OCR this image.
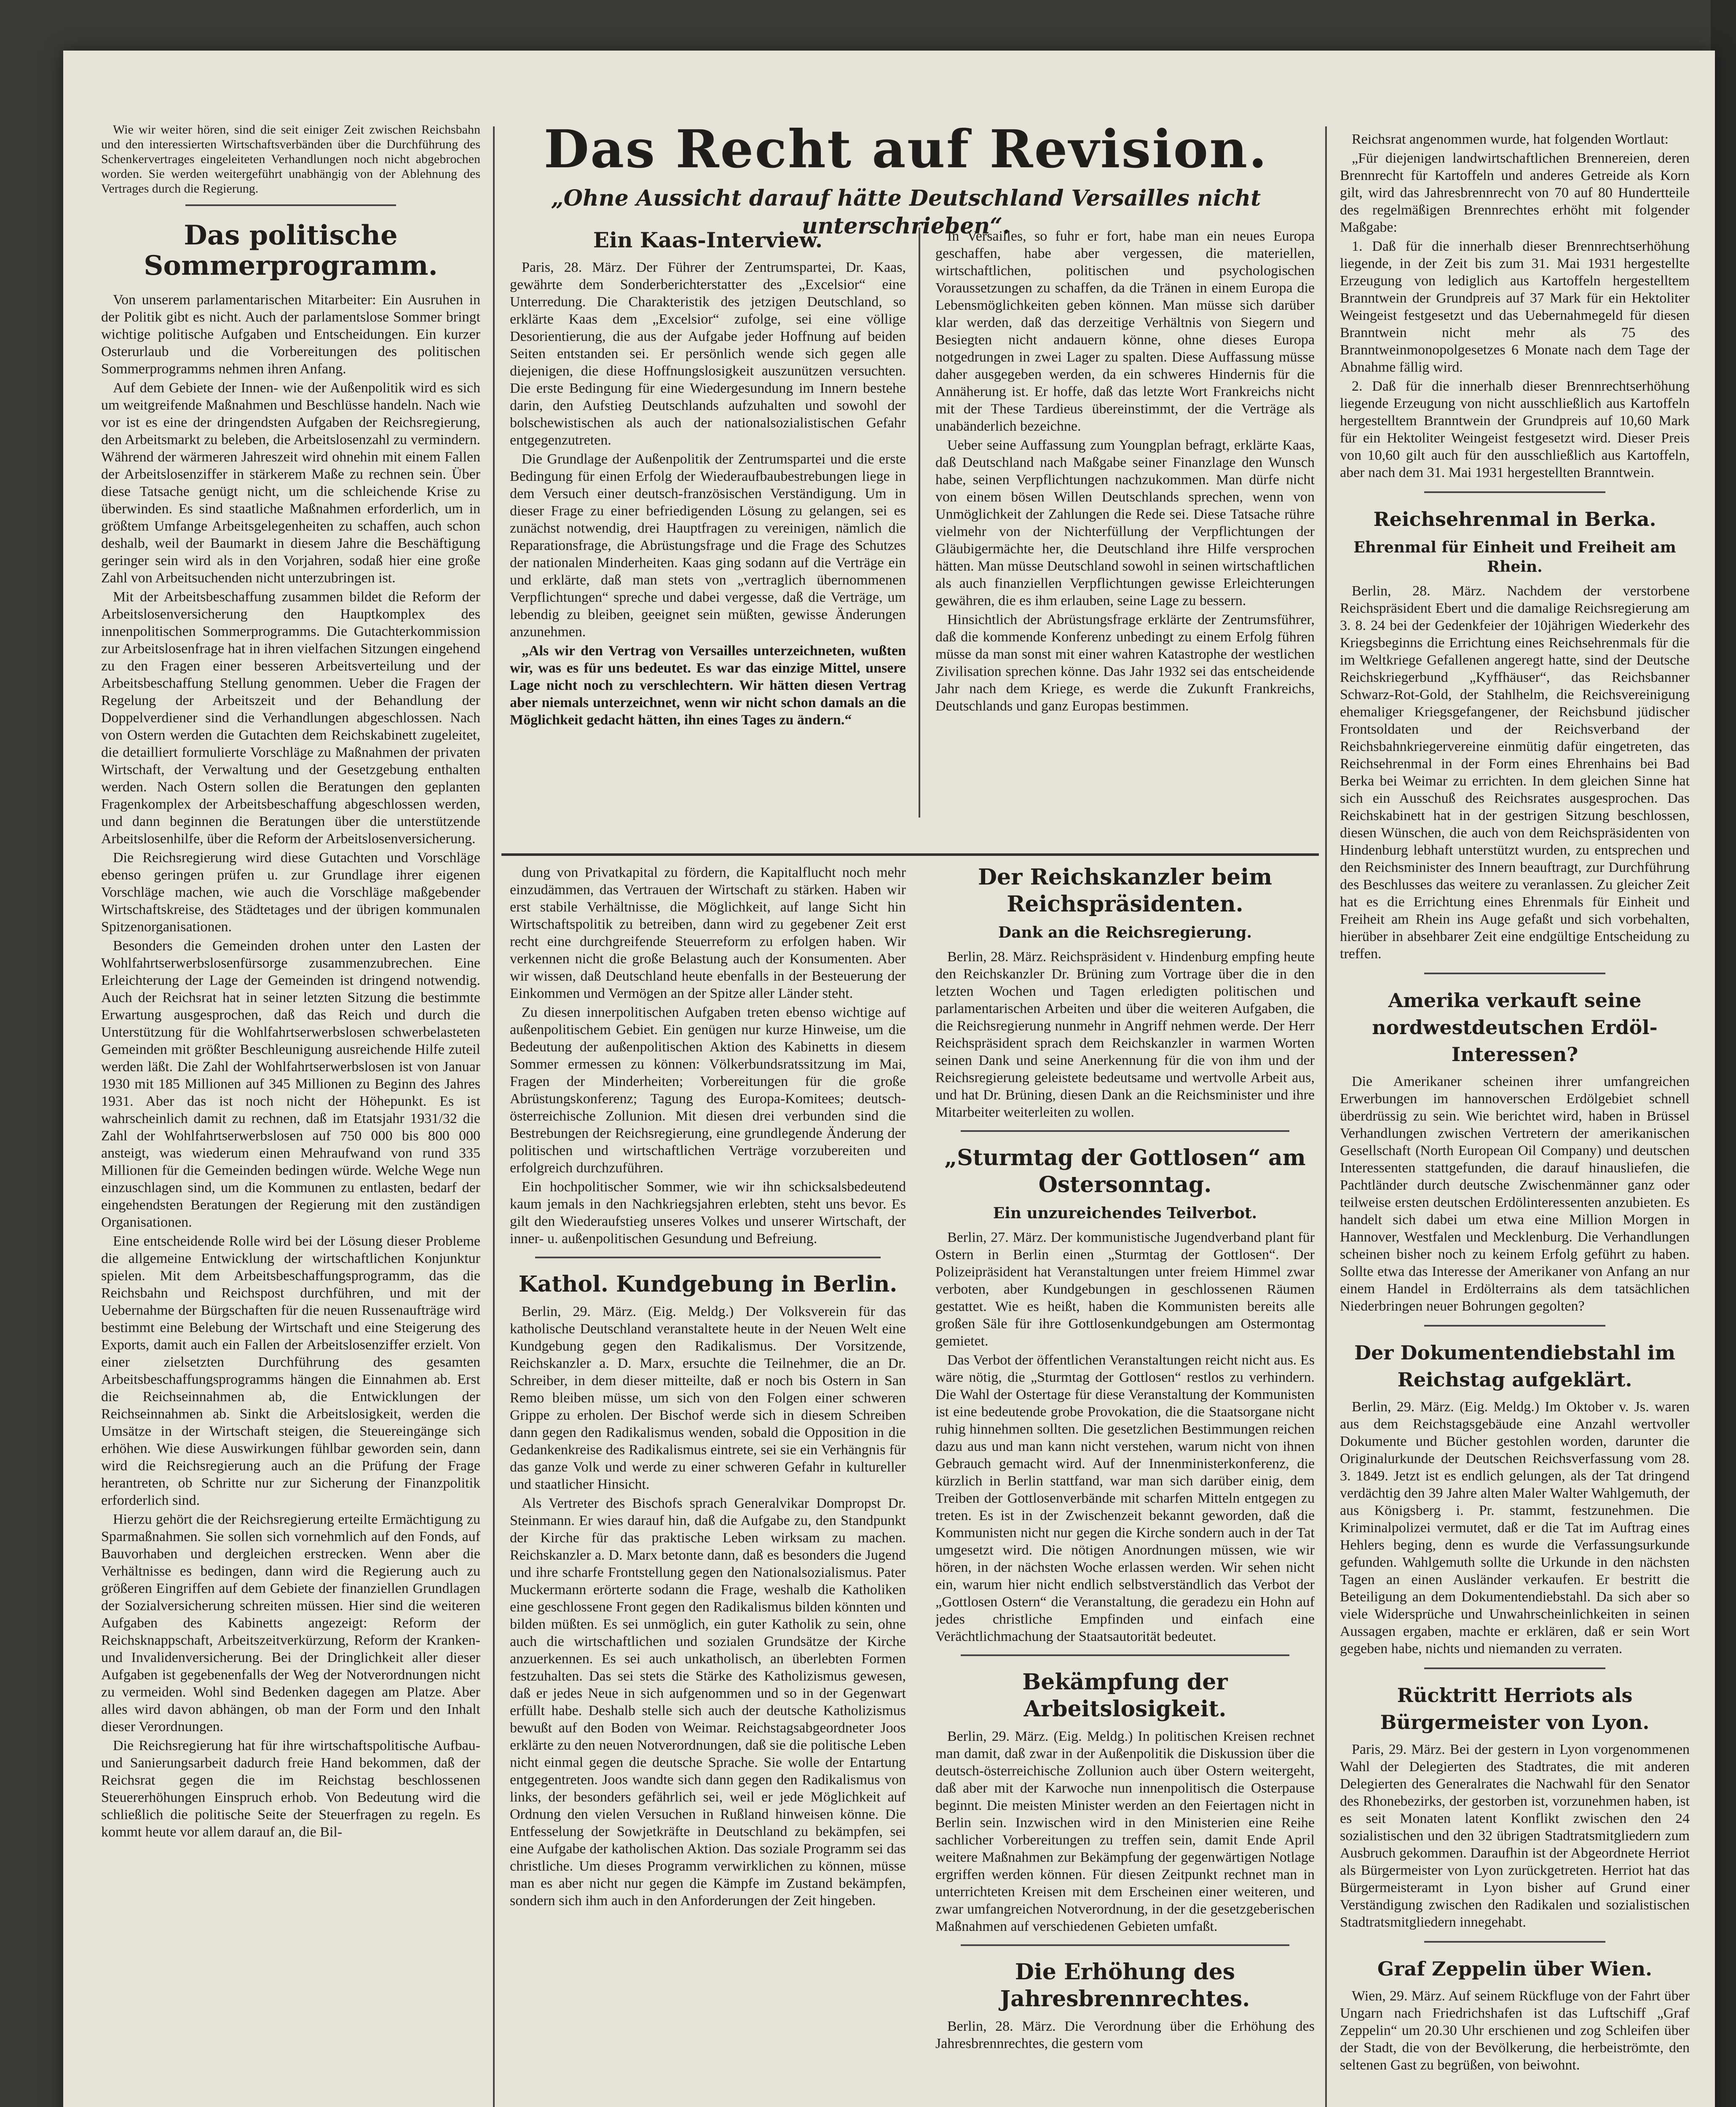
Wie wir weiter hören, sind die seit einiger Zeit zwischen Reichsbahn und den interessierten Wirtschaftsverbänden über die Durchführung des Schenkervertrages eingeleiteten Verhandlungen noch nicht abgebrochen worden. Sie werden weitergeführt unabhängig von der Ablehnung des Vertrages durch die Regierung.

Das politische Sommerprogramm.

Von unserem parlamentarischen Mitarbeiter: Ein Ausruhen in der Politik gibt es nicht. Auch der parlamentslose Sommer bringt wichtige politische Aufgaben und Entscheidungen. Ein kurzer Osterurlaub und die Vorbereitungen des politischen Sommerprogramms nehmen ihren Anfang.

Auf dem Gebiete der Innen- wie der Außenpolitik wird es sich um weitgreifende Maßnahmen und Beschlüsse handeln. Nach wie vor ist es eine der dringendsten Aufgaben der Reichsregierung, den Arbeitsmarkt zu beleben, die Arbeitslosenzahl zu vermindern. Während der wärmeren Jahreszeit wird ohnehin mit einem Fallen der Arbeitslosenziffer in stärkerem Maße zu rechnen sein. Über diese Tatsache genügt nicht, um die schleichende Krise zu überwinden. Es sind staatliche Maßnahmen erforderlich, um in größtem Umfange Arbeitsgelegenheiten zu schaffen, auch schon deshalb, weil der Baumarkt in diesem Jahre die Beschäftigung geringer sein wird als in den Vorjahren, sodaß hier eine große Zahl von Arbeitsuchenden nicht unterzubringen ist.

Mit der Arbeitsbeschaffung zusammen bildet die Reform der Arbeitslosenversicherung den Hauptkomplex des innenpolitischen Sommerprogramms. Die Gutachterkommission zur Arbeitslosenfrage hat in ihren vielfachen Sitzungen eingehend zu den Fragen einer besseren Arbeitsverteilung und der Arbeitsbeschaffung Stellung genommen. Ueber die Fragen der Regelung der Arbeitszeit und der Behandlung der Doppelverdiener sind die Verhandlungen abgeschlossen. Nach von Ostern werden die Gutachten dem Reichskabinett zugeleitet, die detailliert formulierte Vorschläge zu Maßnahmen der privaten Wirtschaft, der Verwaltung und der Gesetzgebung enthalten werden. Nach Ostern sollen die Beratungen den geplanten Fragenkomplex der Arbeitsbeschaffung abgeschlossen werden, und dann beginnen die Beratungen über die unterstützende Arbeitslosenhilfe, über die Reform der Arbeitslosenversicherung.

Die Reichsregierung wird diese Gutachten und Vorschläge ebenso geringen prüfen u. zur Grundlage ihrer eigenen Vorschläge machen, wie auch die Vorschläge maßgebender Wirtschaftskreise, des Städtetages und der übrigen kommunalen Spitzenorganisationen.

Besonders die Gemeinden drohen unter den Lasten der Wohlfahrtserwerbslosenfürsorge zusammenzubrechen. Eine Erleichterung der Lage der Gemeinden ist dringend notwendig. Auch der Reichsrat hat in seiner letzten Sitzung die bestimmte Erwartung ausgesprochen, daß das Reich und durch die Unterstützung für die Wohlfahrtserwerbslosen schwerbelasteten Gemeinden mit größter Beschleunigung ausreichende Hilfe zuteil werden läßt. Die Zahl der Wohlfahrtserwerbslosen ist von Januar 1930 mit 185 Millionen auf 345 Millionen zu Beginn des Jahres 1931. Aber das ist noch nicht der Höhepunkt. Es ist wahrscheinlich damit zu rechnen, daß im Etatsjahr 1931/32 die Zahl der Wohlfahrtserwerbslosen auf 750 000 bis 800 000 ansteigt, was wiederum einen Mehraufwand von rund 335 Millionen für die Gemeinden bedingen würde. Welche Wege nun einzuschlagen sind, um die Kommunen zu entlasten, bedarf der eingehendsten Beratungen der Regierung mit den zuständigen Organisationen.

Eine entscheidende Rolle wird bei der Lösung dieser Probleme die allgemeine Entwicklung der wirtschaftlichen Konjunktur spielen. Mit dem Arbeitsbeschaffungsprogramm, das die Reichsbahn und Reichspost durchführen, und mit der Uebernahme der Bürgschaften für die neuen Russenaufträge wird bestimmt eine Belebung der Wirtschaft und eine Steigerung des Exports, damit auch ein Fallen der Arbeitslosenziffer erzielt. Von einer zielsetzten Durchführung des gesamten Arbeitsbeschaffungsprogramms hängen die Einnahmen ab. Erst die Reichseinnahmen ab, die Entwicklungen der Reichseinnahmen ab. Sinkt die Arbeitslosigkeit, werden die Umsätze in der Wirtschaft steigen, die Steuereingänge sich erhöhen. Wie diese Auswirkungen fühlbar geworden sein, dann wird die Reichsregierung auch an die Prüfung der Frage herantreten, ob Schritte nur zur Sicherung der Finanzpolitik erforderlich sind.

Hierzu gehört die der Reichsregierung erteilte Ermächtigung zu Sparmaßnahmen. Sie sollen sich vornehmlich auf den Fonds, auf Bauvorhaben und dergleichen erstrecken. Wenn aber die Verhältnisse es bedingen, dann wird die Regierung auch zu größeren Eingriffen auf dem Gebiete der finanziellen Grundlagen der Sozialversicherung schreiten müssen. Hier sind die weiteren Aufgaben des Kabinetts angezeigt: Reform der Reichsknappschaft, Arbeitszeitverkürzung, Reform der Kranken- und Invalidenversicherung. Bei der Dringlichkeit aller dieser Aufgaben ist gegebenenfalls der Weg der Notverordnungen nicht zu vermeiden. Wohl sind Bedenken dagegen am Platze. Aber alles wird davon abhängen, ob man der Form und den Inhalt dieser Verordnungen.

Die Reichsregierung hat für ihre wirtschaftspolitische Aufbau- und Sanierungsarbeit dadurch freie Hand bekommen, daß der Reichsrat gegen die im Reichstag beschlossenen Steuererhöhungen Einspruch erhob. Von Bedeutung wird die schließlich die politische Seite der Steuerfragen zu regeln. Es kommt heute vor allem darauf an, die Bil-

Das Recht auf Revision.
„Ohne Aussicht darauf hätte Deutschland Versailles nicht unterschrieben“.
Ein Kaas-Interview.

Paris, 28. März. Der Führer der Zentrumspartei, Dr. Kaas, gewährte dem Sonderberichterstatter des „Excelsior“ eine Unterredung. Die Charakteristik des jetzigen Deutschland, so erklärte Kaas dem „Excelsior“ zufolge, sei eine völlige Desorientierung, die aus der Aufgabe jeder Hoffnung auf beiden Seiten entstanden sei. Er persönlich wende sich gegen alle diejenigen, die diese Hoffnungslosigkeit auszunützen versuchten. Die erste Bedingung für eine Wiedergesundung im Innern bestehe darin, den Aufstieg Deutschlands aufzuhalten und sowohl der bolschewistischen als auch der nationalsozialistischen Gefahr entgegenzutreten.

Die Grundlage der Außenpolitik der Zentrumspartei und die erste Bedingung für einen Erfolg der Wiederaufbaubestrebungen liege in dem Versuch einer deutsch-französischen Verständigung. Um in dieser Frage zu einer befriedigenden Lösung zu gelangen, sei es zunächst notwendig, drei Hauptfragen zu vereinigen, nämlich die Reparationsfrage, die Abrüstungsfrage und die Frage des Schutzes der nationalen Minderheiten. Kaas ging sodann auf die Verträge ein und erklärte, daß man stets von „vertraglich übernommenen Verpflichtungen“ spreche und dabei vergesse, daß die Verträge, um lebendig zu bleiben, geeignet sein müßten, gewisse Änderungen anzunehmen.

„Als wir den Vertrag von Versailles unterzeichneten, wußten wir, was es für uns bedeutet. Es war das einzige Mittel, unsere Lage nicht noch zu verschlechtern. Wir hätten diesen Vertrag aber niemals unterzeichnet, wenn wir nicht schon damals an die Möglichkeit gedacht hätten, ihn eines Tages zu ändern.“

In Versailles, so fuhr er fort, habe man ein neues Europa geschaffen, habe aber vergessen, die materiellen, wirtschaftlichen, politischen und psychologischen Voraussetzungen zu schaffen, da die Tränen in einem Europa die Lebensmöglichkeiten geben können. Man müsse sich darüber klar werden, daß das derzeitige Verhältnis von Siegern und Besiegten nicht andauern könne, ohne dieses Europa notgedrungen in zwei Lager zu spalten. Diese Auffassung müsse daher ausgegeben werden, da ein schweres Hindernis für die Annäherung ist. Er hoffe, daß das letzte Wort Frankreichs nicht mit der These Tardieus übereinstimmt, der die Verträge als unabänderlich bezeichne.

Ueber seine Auffassung zum Youngplan befragt, erklärte Kaas, daß Deutschland nach Maßgabe seiner Finanzlage den Wunsch habe, seinen Verpflichtungen nachzukommen. Man dürfe nicht von einem bösen Willen Deutschlands sprechen, wenn von Unmöglichkeit der Zahlungen die Rede sei. Diese Tatsache rühre vielmehr von der Nichterfüllung der Verpflichtungen der Gläubigermächte her, die Deutschland ihre Hilfe versprochen hätten. Man müsse Deutschland sowohl in seinen wirtschaftlichen als auch finanziellen Verpflichtungen gewisse Erleichterungen gewähren, die es ihm erlauben, seine Lage zu bessern.

Hinsichtlich der Abrüstungsfrage erklärte der Zentrumsführer, daß die kommende Konferenz unbedingt zu einem Erfolg führen müsse da man sonst mit einer wahren Katastrophe der westlichen Zivilisation sprechen könne. Das Jahr 1932 sei das entscheidende Jahr nach dem Kriege, es werde die Zukunft Frankreichs, Deutschlands und ganz Europas bestimmen.

dung von Privatkapital zu fördern, die Kapitalflucht noch mehr einzudämmen, das Vertrauen der Wirtschaft zu stärken. Haben wir erst stabile Verhältnisse, die Möglichkeit, auf lange Sicht hin Wirtschaftspolitik zu betreiben, dann wird zu gegebener Zeit erst recht eine durchgreifende Steuerreform zu erfolgen haben. Wir verkennen nicht die große Belastung auch der Konsumenten. Aber wir wissen, daß Deutschland heute ebenfalls in der Besteuerung der Einkommen und Vermögen an der Spitze aller Länder steht.

Zu diesen innerpolitischen Aufgaben treten ebenso wichtige auf außenpolitischem Gebiet. Ein genügen nur kurze Hinweise, um die Bedeutung der außenpolitischen Aktion des Kabinetts in diesem Sommer ermessen zu können: Völkerbundsratssitzung im Mai, Fragen der Minderheiten; Vorbereitungen für die große Abrüstungskonferenz; Tagung des Europa-Komitees; deutsch-österreichische Zollunion. Mit diesen drei verbunden sind die Bestrebungen der Reichsregierung, eine grundlegende Änderung der politischen und wirtschaftlichen Verträge vorzubereiten und erfolgreich durchzuführen.

Ein hochpolitischer Sommer, wie wir ihn schicksalsbedeutend kaum jemals in den Nachkriegsjahren erlebten, steht uns bevor. Es gilt den Wiederaufstieg unseres Volkes und unserer Wirtschaft, der inner- u. außenpolitischen Gesundung und Befreiung.

Kathol. Kundgebung in Berlin.

Berlin, 29. März. (Eig. Meldg.) Der Volksverein für das katholische Deutschland veranstaltete heute in der Neuen Welt eine Kundgebung gegen den Radikalismus. Der Vorsitzende, Reichskanzler a. D. Marx, ersuchte die Teilnehmer, die an Dr. Schreiber, in dem dieser mitteilte, daß er noch bis Ostern in San Remo bleiben müsse, um sich von den Folgen einer schweren Grippe zu erholen. Der Bischof werde sich in diesem Schreiben dann gegen den Radikalismus wenden, sobald die Opposition in die Gedankenkreise des Radikalismus eintrete, sei sie ein Verhängnis für das ganze Volk und werde zu einer schweren Gefahr in kultureller und staatlicher Hinsicht.

Als Vertreter des Bischofs sprach Generalvikar Dompropst Dr. Steinmann. Er wies darauf hin, daß die Aufgabe zu, den Standpunkt der Kirche für das praktische Leben wirksam zu machen. Reichskanzler a. D. Marx betonte dann, daß es besonders die Jugend und ihre scharfe Frontstellung gegen den Nationalsozialismus. Pater Muckermann erörterte sodann die Frage, weshalb die Katholiken eine geschlossene Front gegen den Radikalismus bilden könnten und bilden müßten. Es sei unmöglich, ein guter Katholik zu sein, ohne auch die wirtschaftlichen und sozialen Grundsätze der Kirche anzuerkennen. Es sei auch unkatholisch, an überlebten Formen festzuhalten. Das sei stets die Stärke des Katholizismus gewesen, daß er jedes Neue in sich aufgenommen und so in der Gegenwart erfüllt habe. Deshalb stelle sich auch der deutsche Katholizismus bewußt auf den Boden von Weimar. Reichstagsabgeordneter Joos erklärte zu den neuen Notverordnungen, daß sie die politische Leben nicht einmal gegen die deutsche Sprache. Sie wolle der Entartung entgegentreten. Joos wandte sich dann gegen den Radikalismus von links, der besonders gefährlich sei, weil er jede Möglichkeit auf Ordnung den vielen Versuchen in Rußland hinweisen könne. Die Entfesselung der Sowjetkräfte in Deutschland zu bekämpfen, sei eine Aufgabe der katholischen Aktion. Das soziale Programm sei das christliche. Um dieses Programm verwirklichen zu können, müsse man es aber nicht nur gegen die Kämpfe im Zustand bekämpfen, sondern sich ihm auch in den Anforderungen der Zeit hingeben.

Der Reichskanzler beim Reichspräsidenten.
Dank an die Reichsregierung.

Berlin, 28. März. Reichspräsident v. Hindenburg empfing heute den Reichskanzler Dr. Brüning zum Vortrage über die in den letzten Wochen und Tagen erledigten politischen und parlamentarischen Arbeiten und über die weiteren Aufgaben, die die Reichsregierung nunmehr in Angriff nehmen werde. Der Herr Reichspräsident sprach dem Reichskanzler in warmen Worten seinen Dank und seine Anerkennung für die von ihm und der Reichsregierung geleistete bedeutsame und wertvolle Arbeit aus, und hat Dr. Brüning, diesen Dank an die Reichsminister und ihre Mitarbeiter weiterleiten zu wollen.

„Sturmtag der Gottlosen“ am Ostersonntag.
Ein unzureichendes Teilverbot.

Berlin, 27. März. Der kommunistische Jugendverband plant für Ostern in Berlin einen „Sturmtag der Gottlosen“. Der Polizeipräsident hat Veranstaltungen unter freiem Himmel zwar verboten, aber Kundgebungen in geschlossenen Räumen gestattet. Wie es heißt, haben die Kommunisten bereits alle großen Säle für ihre Gottlosenkundgebungen am Ostermontag gemietet.

Das Verbot der öffentlichen Veranstaltungen reicht nicht aus. Es wäre nötig, die „Sturmtag der Gottlosen“ restlos zu verhindern. Die Wahl der Ostertage für diese Veranstaltung der Kommunisten ist eine bedeutende grobe Provokation, die die Staatsorgane nicht ruhig hinnehmen sollten. Die gesetzlichen Bestimmungen reichen dazu aus und man kann nicht verstehen, warum nicht von ihnen Gebrauch gemacht wird. Auf der Innenministerkonferenz, die kürzlich in Berlin stattfand, war man sich darüber einig, dem Treiben der Gottlosenverbände mit scharfen Mitteln entgegen zu treten. Es ist in der Zwischenzeit bekannt geworden, daß die Kommunisten nicht nur gegen die Kirche sondern auch in der Tat umgesetzt wird. Die nötigen Anordnungen müssen, wie wir hören, in der nächsten Woche erlassen werden. Wir sehen nicht ein, warum hier nicht endlich selbstverständlich das Verbot der „Gottlosen Ostern“ die Veranstaltung, die geradezu ein Hohn auf jedes christliche Empfinden und einfach eine Verächtlichmachung der Staatsautorität bedeutet.

Bekämpfung der Arbeitslosigkeit.

Berlin, 29. März. (Eig. Meldg.) In politischen Kreisen rechnet man damit, daß zwar in der Außenpolitik die Diskussion über die deutsch-österreichische Zollunion auch über Ostern weitergeht, daß aber mit der Karwoche nun innenpolitisch die Osterpause beginnt. Die meisten Minister werden an den Feiertagen nicht in Berlin sein. Inzwischen wird in den Ministerien eine Reihe sachlicher Vorbereitungen zu treffen sein, damit Ende April weitere Maßnahmen zur Bekämpfung der gegenwärtigen Notlage ergriffen werden können. Für diesen Zeitpunkt rechnet man in unterrichteten Kreisen mit dem Erscheinen einer weiteren, und zwar umfangreichen Notverordnung, in der die gesetzgeberischen Maßnahmen auf verschiedenen Gebieten umfaßt.

Die Erhöhung des Jahresbrennrechtes.

Berlin, 28. März. Die Verordnung über die Erhöhung des Jahresbrennrechtes, die gestern vom

Reichsrat angenommen wurde, hat folgenden Wortlaut:

„Für diejenigen landwirtschaftlichen Brennereien, deren Brennrecht für Kartoffeln und anderes Getreide als Korn gilt, wird das Jahresbrennrecht von 70 auf 80 Hundertteile des regelmäßigen Brennrechtes erhöht mit folgender Maßgabe:

1. Daß für die innerhalb dieser Brennrechtserhöhung liegende, in der Zeit bis zum 31. Mai 1931 hergestellte Erzeugung von lediglich aus Kartoffeln hergestelltem Branntwein der Grundpreis auf 37 Mark für ein Hektoliter Weingeist festgesetzt und das Uebernahmegeld für diesen Branntwein nicht mehr als 75 des Branntweinmonopolgesetzes 6 Monate nach dem Tage der Abnahme fällig wird.

2. Daß für die innerhalb dieser Brennrechtserhöhung liegende Erzeugung von nicht ausschließlich aus Kartoffeln hergestelltem Branntwein der Grundpreis auf 10,60 Mark für ein Hektoliter Weingeist festgesetzt wird. Dieser Preis von 10,60 gilt auch für den ausschließlich aus Kartoffeln, aber nach dem 31. Mai 1931 hergestellten Branntwein.

Reichsehrenmal in Berka.
Ehrenmal für Einheit und Freiheit am Rhein.

Berlin, 28. März. Nachdem der verstorbene Reichspräsident Ebert und die damalige Reichsregierung am 3. 8. 24 bei der Gedenkfeier der 10jährigen Wiederkehr des Kriegsbeginns die Errichtung eines Reichsehrenmals für die im Weltkriege Gefallenen angeregt hatte, sind der Deutsche Reichskriegerbund „Kyffhäuser“, das Reichsbanner Schwarz-Rot-Gold, der Stahlhelm, die Reichsvereinigung ehemaliger Kriegsgefangener, der Reichsbund jüdischer Frontsoldaten und der Reichsverband der Reichsbahnkriegervereine einmütig dafür eingetreten, das Reichsehrenmal in der Form eines Ehrenhains bei Bad Berka bei Weimar zu errichten. In dem gleichen Sinne hat sich ein Ausschuß des Reichsrates ausgesprochen. Das Reichskabinett hat in der gestrigen Sitzung beschlossen, diesen Wünschen, die auch von dem Reichspräsidenten von Hindenburg lebhaft unterstützt wurden, zu entsprechen und den Reichsminister des Innern beauftragt, zur Durchführung des Beschlusses das weitere zu veranlassen. Zu gleicher Zeit hat es die Errichtung eines Ehrenmals für Einheit und Freiheit am Rhein ins Auge gefaßt und sich vorbehalten, hierüber in absehbarer Zeit eine endgültige Entscheidung zu treffen.

Amerika verkauft seine nordwestdeutschen Erdöl-Interessen?

Die Amerikaner scheinen ihrer umfangreichen Erwerbungen im hannoverschen Erdölgebiet schnell überdrüssig zu sein. Wie berichtet wird, haben in Brüssel Verhandlungen zwischen Vertretern der amerikanischen Gesellschaft (North European Oil Company) und deutschen Interessenten stattgefunden, die darauf hinausliefen, die Pachtländer durch deutsche Zwischenmänner ganz oder teilweise ersten deutschen Erdölinteressenten anzubieten. Es handelt sich dabei um etwa eine Million Morgen in Hannover, Westfalen und Mecklenburg. Die Verhandlungen scheinen bisher noch zu keinem Erfolg geführt zu haben. Sollte etwa das Interesse der Amerikaner von Anfang an nur einem Handel in Erdölterrains als dem tatsächlichen Niederbringen neuer Bohrungen gegolten?

Der Dokumentendiebstahl im Reichstag aufgeklärt.

Berlin, 29. März. (Eig. Meldg.) Im Oktober v. Js. waren aus dem Reichstagsgebäude eine Anzahl wertvoller Dokumente und Bücher gestohlen worden, darunter die Originalurkunde der Deutschen Reichsverfassung vom 28. 3. 1849. Jetzt ist es endlich gelungen, als der Tat dringend verdächtig den 39 Jahre alten Maler Walter Wahlgemuth, der aus Königsberg i. Pr. stammt, festzunehmen. Die Kriminalpolizei vermutet, daß er die Tat im Auftrag eines Hehlers beging, denn es wurde die Verfassungsurkunde gefunden. Wahlgemuth sollte die Urkunde in den nächsten Tagen an einen Ausländer verkaufen. Er bestritt die Beteiligung an dem Dokumentendiebstahl. Da sich aber so viele Widersprüche und Unwahrscheinlichkeiten in seinen Aussagen ergaben, machte er erklären, daß er sein Wort gegeben habe, nichts und niemanden zu verraten.

Rücktritt Herriots als Bürgermeister von Lyon.

Paris, 29. März. Bei der gestern in Lyon vorgenommenen Wahl der Delegierten des Stadtrates, die mit anderen Delegierten des Generalrates die Nachwahl für den Senator des Rhonebezirks, der gestorben ist, vorzunehmen haben, ist es seit Monaten latent Konflikt zwischen den 24 sozialistischen und den 32 übrigen Stadtratsmitgliedern zum Ausbruch gekommen. Daraufhin ist der Abgeordnete Herriot als Bürgermeister von Lyon zurückgetreten. Herriot hat das Bürgermeisteramt in Lyon bisher auf Grund einer Verständigung zwischen den Radikalen und sozialistischen Stadtratsmitgliedern innegehabt.

Graf Zeppelin über Wien.

Wien, 29. März. Auf seinem Rückfluge von der Fahrt über Ungarn nach Friedrichshafen ist das Luftschiff „Graf Zeppelin“ um 20.30 Uhr erschienen und zog Schleifen über der Stadt, die von der Bevölkerung, die herbeiströmte, den seltenen Gast zu begrüßen, von beiwohnt.
